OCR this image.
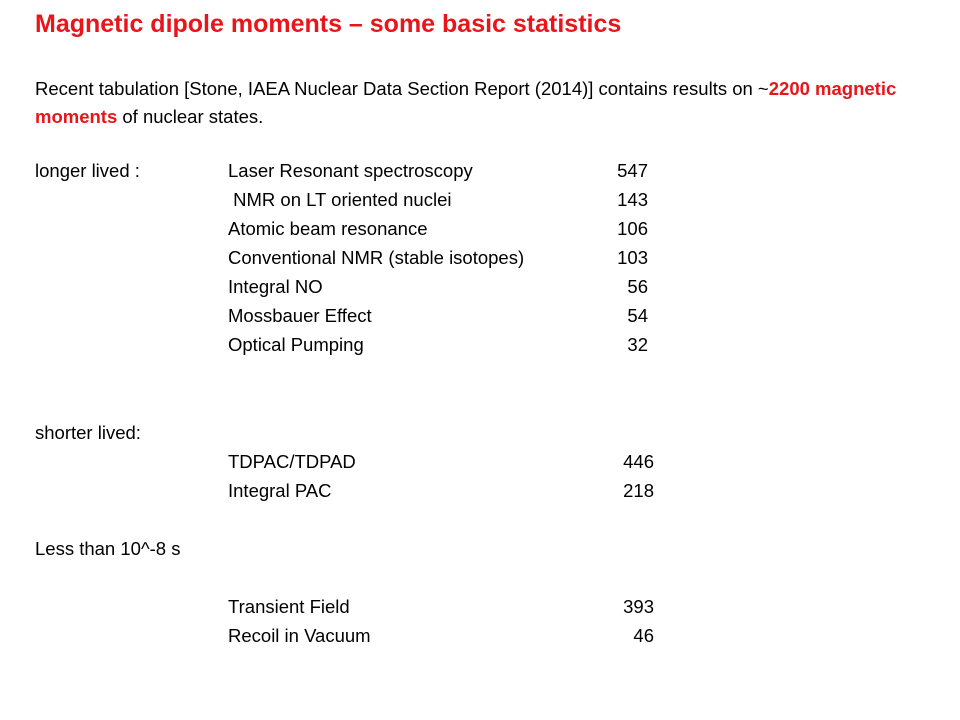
Magnetic dipole moments – some basic statistics
Recent tabulation [Stone, IAEA Nuclear Data Section Report (2014)] contains results on ~2200 magnetic moments of nuclear states.
longer lived :	Laser Resonant spectroscopy	547
NMR on LT oriented nuclei	143
Atomic beam resonance	106
Conventional NMR (stable isotopes)	103
Integral NO	56
Mossbauer Effect	54
Optical Pumping	32
shorter lived:
TDPAC/TDPAD	446
Integral PAC	218
Less than 10^-8 s
Transient Field	393
Recoil in Vacuum	46
